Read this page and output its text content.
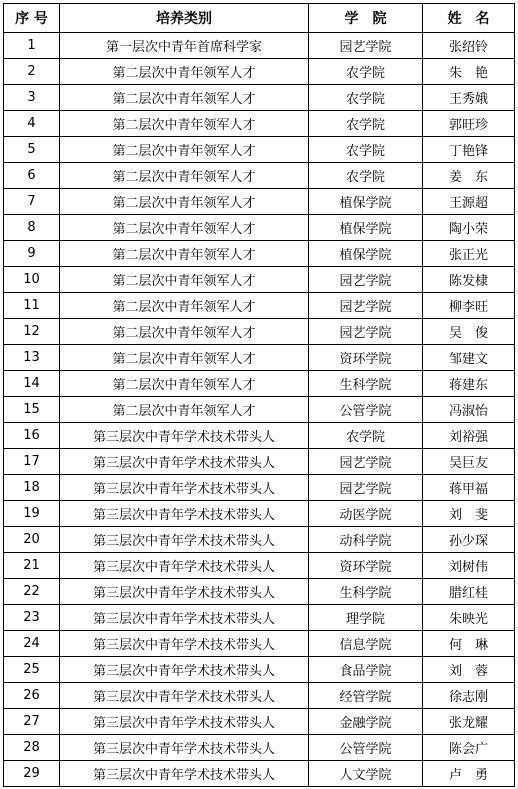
序 号	培养类别	学　院	姓　名
1	第一层次中青年首席科学家	园艺学院	张绍铃
2	第二层次中青年领军人才	农学院	朱　艳
3	第二层次中青年领军人才	农学院	王秀娥
4	第二层次中青年领军人才	农学院	郭旺珍
5	第二层次中青年领军人才	农学院	丁艳锋
6	第二层次中青年领军人才	农学院	姜　东
7	第二层次中青年领军人才	植保学院	王源超
8	第二层次中青年领军人才	植保学院	陶小荣
9	第二层次中青年领军人才	植保学院	张正光
10	第二层次中青年领军人才	园艺学院	陈发棣
11	第二层次中青年领军人才	园艺学院	柳李旺
12	第二层次中青年领军人才	园艺学院	吴　俊
13	第二层次中青年领军人才	资环学院	邹建文
14	第二层次中青年领军人才	生科学院	蒋建东
15	第二层次中青年领军人才	公管学院	冯淑怡
16	第三层次中青年学术技术带头人	农学院	刘裕强
17	第三层次中青年学术技术带头人	园艺学院	吴巨友
18	第三层次中青年学术技术带头人	园艺学院	蒋甲福
19	第三层次中青年学术技术带头人	动医学院	刘　斐
20	第三层次中青年学术技术带头人	动科学院	孙少琛
21	第三层次中青年学术技术带头人	资环学院	刘树伟
22	第三层次中青年学术技术带头人	生科学院	腊红桂
23	第三层次中青年学术技术带头人	理学院	朱映光
24	第三层次中青年学术技术带头人	信息学院	何　琳
25	第三层次中青年学术技术带头人	食品学院	刘　蓉
26	第三层次中青年学术技术带头人	经管学院	徐志刚
27	第三层次中青年学术技术带头人	金融学院	张龙耀
28	第三层次中青年学术技术带头人	公管学院	陈会广
29	第三层次中青年学术技术带头人	人文学院	卢　勇
